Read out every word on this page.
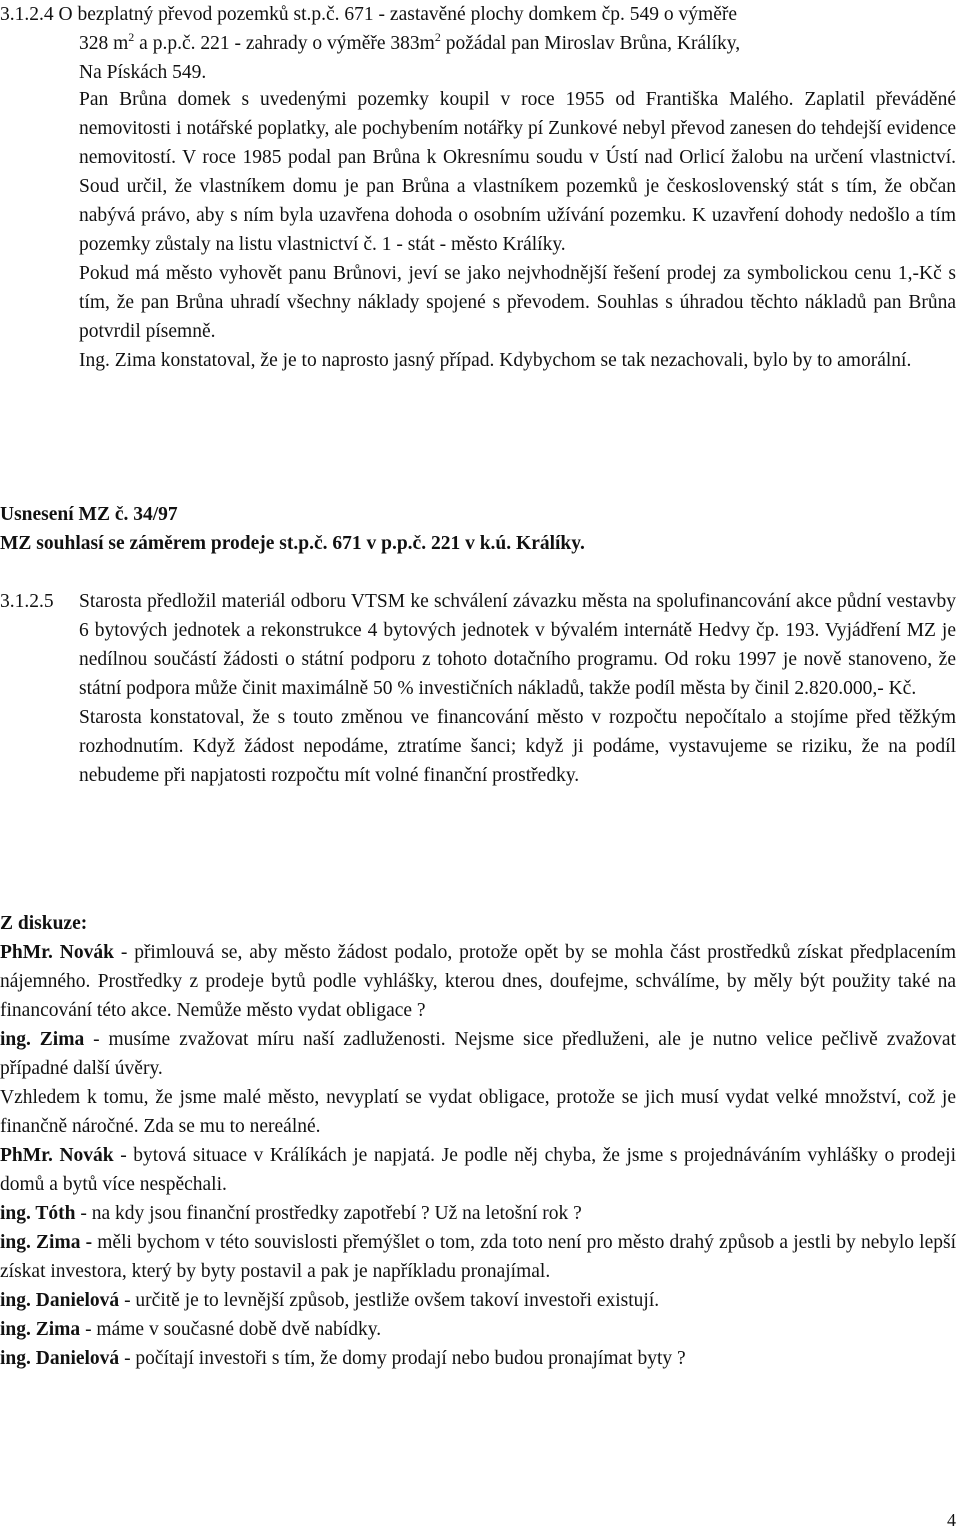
3.1.2.4 O bezplatný převod pozemků st.p.č. 671 - zastavěné plochy domkem čp. 549 o výměře

328 $m^2$ a p.p.č. 221 - zahrady o výměře $383m^2$ požádal pan Miroslav Brůna, Králíky,

Na Pískách 549.

Pan Brůna domek s uvedenými pozemky koupil v roce 1955 od Františka Malého. Zaplatil převáděné nemovitosti i notářské poplatky, ale pochybením notářky pí Zunkové nebyl převod zanesen do tehdejší evidence nemovitostí. V roce 1985 podal pan Brůna k Okresnímu soudu v Ústí nad Orlicí žalobu na určení vlastnictví. Soud určil, že vlastníkem domu je pan Brůna a vlastníkem pozemků je československý stát s tím, že občan nabývá právo, aby s ním byla uzavřena dohoda o osobním užívání pozemku. K uzavření dohody nedošlo a tím pozemky zůstaly na listu vlastnictví č. 1 - stát - město Králíky.

Pokud má město vyhovět panu Brůnovi, jeví se jako nejvhodnější řešení prodej za symbolickou cenu 1,-Kč s tím, že pan Brůna uhradí všechny náklady spojené s převodem. Souhlas s úhradou těchto nákladů pan Brůna potvrdil písemně.

Ing. Zima konstatoval, že je to naprosto jasný případ. Kdybychom se tak nezachovali, bylo by to amorální.

Usnesení MZ č. 34/97

MZ souhlasí se záměrem prodeje st.p.č. 671 v p.p.č. 221 v k.ú. Králíky.

3.1.2.5 Starosta předložil materiál odboru VTSM ke schválení závazku města na spolufinancování akce půdní vestavby 6 bytových jednotek a rekonstrukce 4 bytových jednotek v bývalém internátě Hedvy čp. 193. Vyjádření MZ je nedílnou součástí žádosti o státní podporu z tohoto dotačního programu. Od roku 1997 je nově stanoveno, že státní podpora může činit maximálně 50 % investičních nákladů, takže podíl města by činil 2.820.000,- Kč.

Starosta konstatoval, že s touto změnou ve financování město v rozpočtu nepočítalo a stojíme před těžkým rozhodnutím. Když žádost nepodáme, ztratíme šanci; když ji podáme, vystavujeme se riziku, že na podíl nebudeme při napjatosti rozpočtu mít volné finanční prostředky.

Z diskuze:

PhMr. Novák - přimlouvá se, aby město žádost podalo, protože opět by se mohla část prostředků získat předplacením nájemného. Prostředky z prodeje bytů podle vyhlášky, kterou dnes, doufejme, schválíme, by měly být použity také na financování této akce. Nemůže město vydat obligace ?

ing. Zima - musíme zvažovat míru naší zadluženosti. Nejsme sice předluženi, ale je nutno velice pečlivě zvažovat případné další úvěry.

Vzhledem k tomu, že jsme malé město, nevyplatí se vydat obligace, protože se jich musí vydat velké množství, což je finančně náročné. Zda se mu to nereálné.

PhMr. Novák - bytová situace v Králíkách je napjatá. Je podle něj chyba, že jsme s projednáváním vyhlášky o prodeji domů a bytů více nespěchali.

ing. Tóth - na kdy jsou finanční prostředky zapotřebí ? Už na letošní rok ?

ing. Zima - měli bychom v této souvislosti přemýšlet o tom, zda toto není pro město drahý způsob a jestli by nebylo lepší získat investora, který by byty postavil a pak je napříkladu pronajímal.

ing. Danielová - určitě je to levnější způsob, jestliže ovšem takoví investoři existují.

ing. Zima - máme v současné době dvě nabídky.

ing. Danielová - počítají investoři s tím, že domy prodají nebo budou pronajímat byty ?

4
